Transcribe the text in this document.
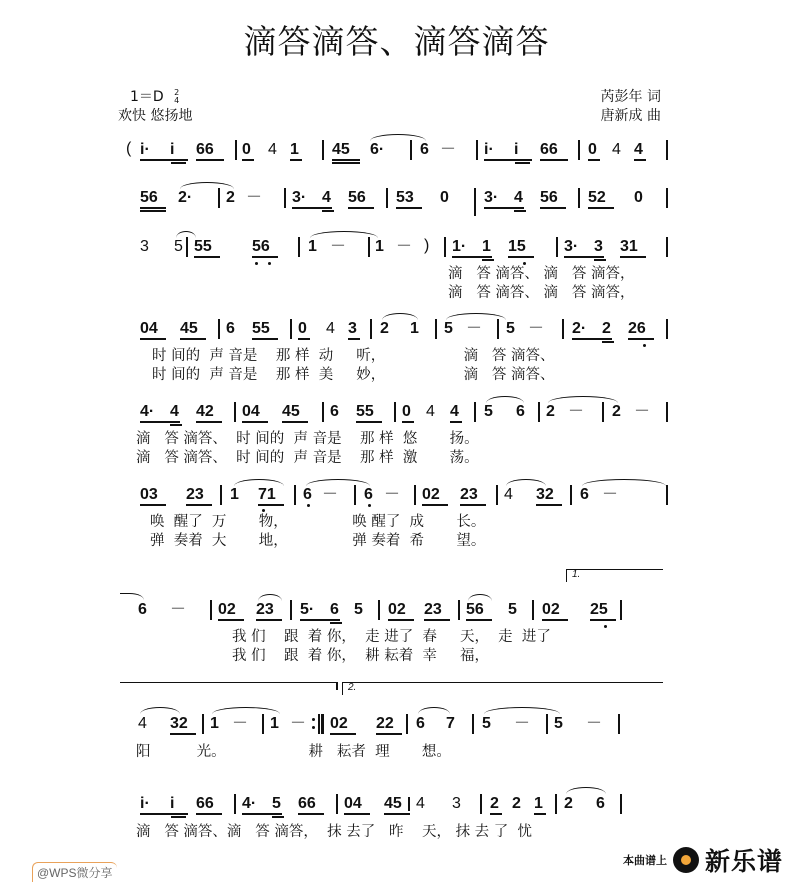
滴答滴答、滴答滴答
1＝D 2
4
欢快 悠扬地
芮彭年 词
唐新成 曲
( i· i 66 0 4 1 45 6· 6 － i· i 66 0 4 4
56 2· 2 － 3· 4 56 53 0 3· 4 56 52 0
3 5 55	56 1 － 1 － ) 1· 1 15 3· 3 31
滴   答 滴答、 滴   答 滴答，
滴   答 滴答、 滴   答 滴答，
04 45 6 55 0 4 3 2 1 5 － 5 － 2· 2 26
时 间的  声 音是    那 样  动     听，                 滴   答 滴答、
时 间的  声 音是    那 样  美     妙，                 滴   答 滴答、
4· 4 42 04 45 6 55 0 4 4 5 6 2 － 2 －
滴   答 滴答、  时 间的  声 音是    那 样  悠       扬。
滴   答 滴答、  时 间的  声 音是    那 样  激       荡。
03 23 1 71 6 － 6 － 02 23 4 32 6 －
唤  醒了  万       物，              唤 醒了  成       长。
弹  奏着  大       地，              弹 奏着  希       望。
1.
6 － 02 23 5· 6 5 02 23 56 5 02 25
我 们    跟  着 你，  走 进了  春     天，  走  进了
我 们    跟  着 你，  耕 耘着  幸     福，
2.
4 32 1 － 1 － 02 22 6 7 5 － 5 －
阳          光。                  耕   耘者  理       想。
i· i 66 4· 5 66 04 45 4 3 2 2 1 2 6
滴   答 滴答、滴   答 滴答，  抹 去了   昨    天， 抹 去 了  忧
@WPS微分享
本曲谱上 新乐谱
